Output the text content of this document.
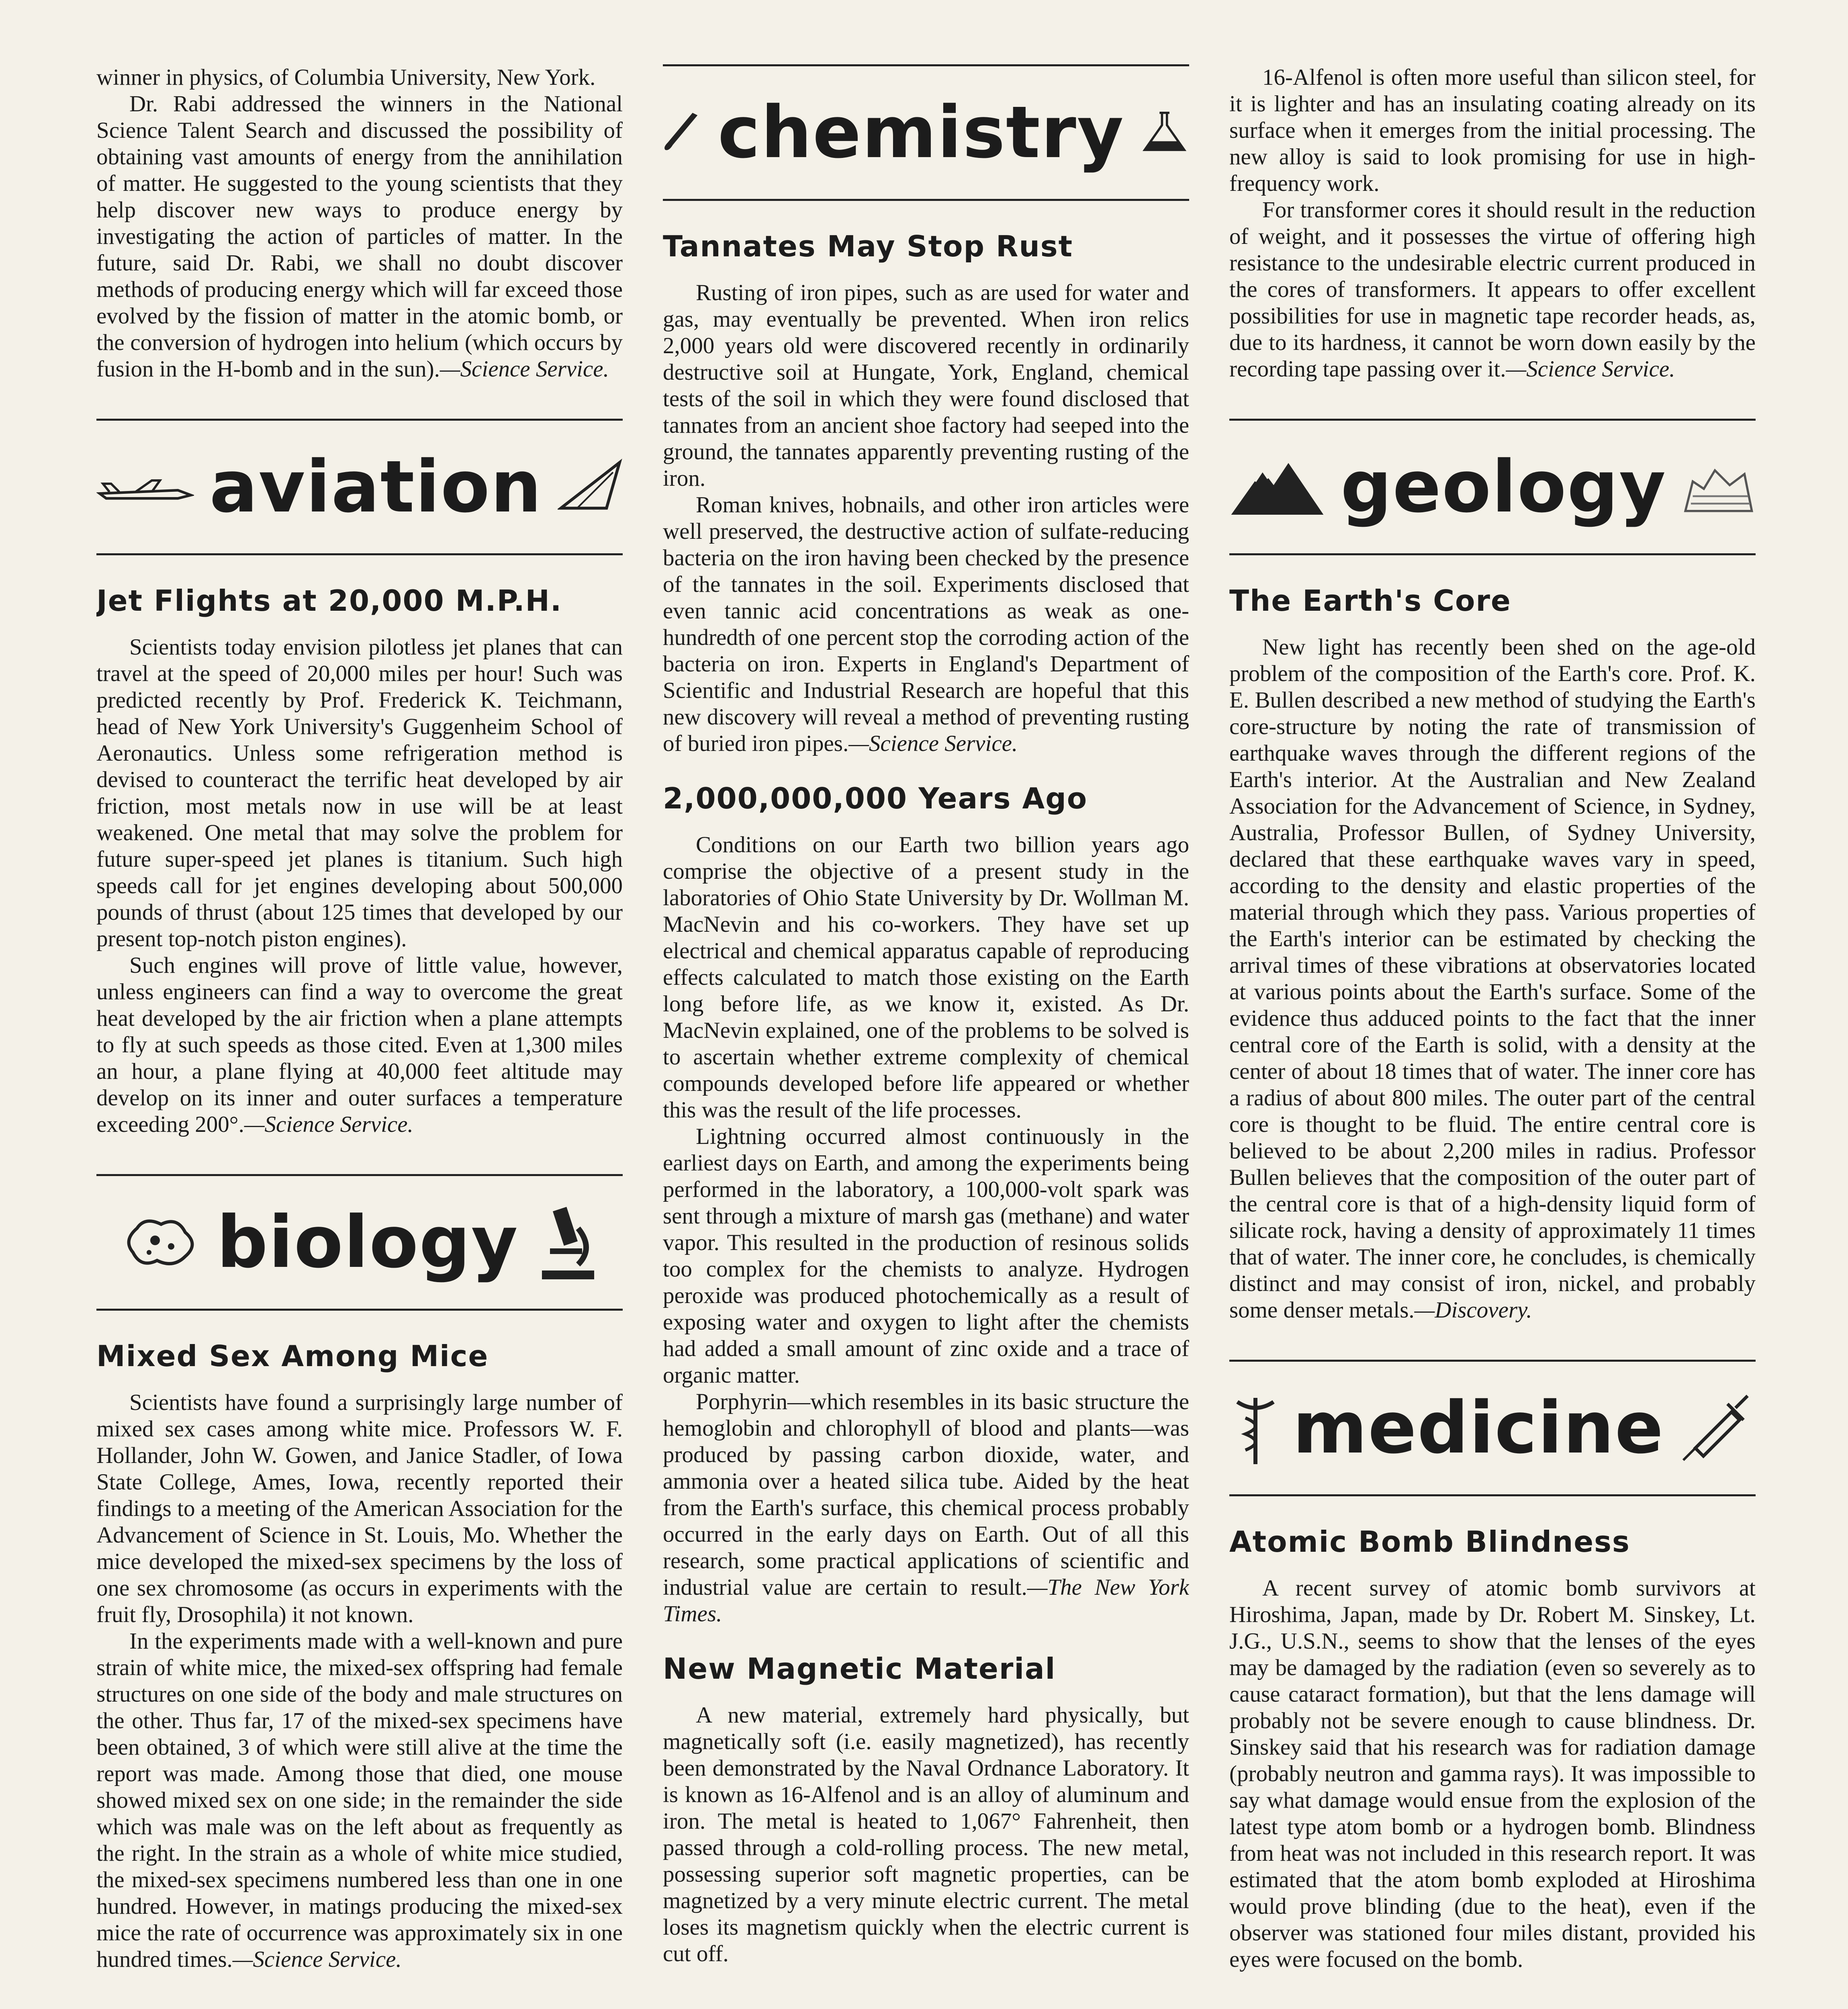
winner in physics, of Columbia University, New York.

Dr. Rabi addressed the winners in the National Science Talent Search and discussed the possibility of obtaining vast amounts of energy from the annihilation of matter. He suggested to the young scientists that they help discover new ways to produce energy by investigating the action of particles of matter. In the future, said Dr. Rabi, we shall no doubt discover methods of producing energy which will far exceed those evolved by the fission of matter in the atomic bomb, or the conversion of hydrogen into helium (which occurs by fusion in the H-bomb and in the sun).—Science Service.

aviation
Jet Flights at 20,000 M.P.H.

Scientists today envision pilotless jet planes that can travel at the speed of 20,000 miles per hour! Such was predicted recently by Prof. Frederick K. Teichmann, head of New York University's Guggenheim School of Aeronautics. Unless some refrigeration method is devised to counteract the terrific heat developed by air friction, most metals now in use will be at least weakened. One metal that may solve the problem for future super-speed jet planes is titanium. Such high speeds call for jet engines developing about 500,000 pounds of thrust (about 125 times that developed by our present top-notch piston engines).

Such engines will prove of little value, however, unless engineers can find a way to overcome the great heat developed by the air friction when a plane attempts to fly at such speeds as those cited. Even at 1,300 miles an hour, a plane flying at 40,000 feet altitude may develop on its inner and outer surfaces a temperature exceeding 200°.—Science Service.

biology
Mixed Sex Among Mice

Scientists have found a surprisingly large number of mixed sex cases among white mice. Professors W. F. Hollander, John W. Gowen, and Janice Stadler, of Iowa State College, Ames, Iowa, recently reported their findings to a meeting of the American Association for the Advancement of Science in St. Louis, Mo. Whether the mice developed the mixed-sex specimens by the loss of one sex chromosome (as occurs in experiments with the fruit fly, Drosophila) it not known.

In the experiments made with a well-known and pure strain of white mice, the mixed-sex offspring had female structures on one side of the body and male structures on the other. Thus far, 17 of the mixed-sex specimens have been obtained, 3 of which were still alive at the time the report was made. Among those that died, one mouse showed mixed sex on one side; in the remainder the side which was male was on the left about as frequently as the right. In the strain as a whole of white mice studied, the mixed-sex specimens numbered less than one in one hundred. However, in matings producing the mixed-sex mice the rate of occurrence was approximately six in one hundred times.—Science Service.

chemistry
Tannates May Stop Rust

Rusting of iron pipes, such as are used for water and gas, may eventually be prevented. When iron relics 2,000 years old were discovered recently in ordinarily destructive soil at Hungate, York, England, chemical tests of the soil in which they were found disclosed that tannates from an ancient shoe factory had seeped into the ground, the tannates apparently preventing rusting of the iron.

Roman knives, hobnails, and other iron articles were well preserved, the destructive action of sulfate-reducing bacteria on the iron having been checked by the presence of the tannates in the soil. Experiments disclosed that even tannic acid concentrations as weak as one-hundredth of one percent stop the corroding action of the bacteria on iron. Experts in England's Department of Scientific and Industrial Research are hopeful that this new discovery will reveal a method of preventing rusting of buried iron pipes.—Science Service.

2,000,000,000 Years Ago

Conditions on our Earth two billion years ago comprise the objective of a present study in the laboratories of Ohio State University by Dr. Wollman M. MacNevin and his co-workers. They have set up electrical and chemical apparatus capable of reproducing effects calculated to match those existing on the Earth long before life, as we know it, existed. As Dr. MacNevin explained, one of the problems to be solved is to ascertain whether extreme complexity of chemical compounds developed before life appeared or whether this was the result of the life processes.

Lightning occurred almost continuously in the earliest days on Earth, and among the experiments being performed in the laboratory, a 100,000-volt spark was sent through a mixture of marsh gas (methane) and water vapor. This resulted in the production of resinous solids too complex for the chemists to analyze. Hydrogen peroxide was produced photochemically as a result of exposing water and oxygen to light after the chemists had added a small amount of zinc oxide and a trace of organic matter.

Porphyrin—which resembles in its basic structure the hemoglobin and chlorophyll of blood and plants—was produced by passing carbon dioxide, water, and ammonia over a heated silica tube. Aided by the heat from the Earth's surface, this chemical process probably occurred in the early days on Earth. Out of all this research, some practical applications of scientific and industrial value are certain to result.—The New York Times.

New Magnetic Material

A new material, extremely hard physically, but magnetically soft (i.e. easily magnetized), has recently been demonstrated by the Naval Ordnance Laboratory. It is known as 16-Alfenol and is an alloy of aluminum and iron. The metal is heated to 1,067° Fahrenheit, then passed through a cold-rolling process. The new metal, possessing superior soft magnetic properties, can be magnetized by a very minute electric current. The metal loses its magnetism quickly when the electric current is cut off.

16-Alfenol is often more useful than silicon steel, for it is lighter and has an insulating coating already on its surface when it emerges from the initial processing. The new alloy is said to look promising for use in high-frequency work.

For transformer cores it should result in the reduction of weight, and it possesses the virtue of offering high resistance to the undesirable electric current produced in the cores of transformers. It appears to offer excellent possibilities for use in magnetic tape recorder heads, as, due to its hardness, it cannot be worn down easily by the recording tape passing over it.—Science Service.

geology
The Earth's Core

New light has recently been shed on the age-old problem of the composition of the Earth's core. Prof. K. E. Bullen described a new method of studying the Earth's core-structure by noting the rate of transmission of earthquake waves through the different regions of the Earth's interior. At the Australian and New Zealand Association for the Advancement of Science, in Sydney, Australia, Professor Bullen, of Sydney University, declared that these earthquake waves vary in speed, according to the density and elastic properties of the material through which they pass. Various properties of the Earth's interior can be estimated by checking the arrival times of these vibrations at observatories located at various points about the Earth's surface. Some of the evidence thus adduced points to the fact that the inner central core of the Earth is solid, with a density at the center of about 18 times that of water. The inner core has a radius of about 800 miles. The outer part of the central core is thought to be fluid. The entire central core is believed to be about 2,200 miles in radius. Professor Bullen believes that the composition of the outer part of the central core is that of a high-density liquid form of silicate rock, having a density of approximately 11 times that of water. The inner core, he concludes, is chemically distinct and may consist of iron, nickel, and probably some denser metals.—Discovery.

medicine
Atomic Bomb Blindness

A recent survey of atomic bomb survivors at Hiroshima, Japan, made by Dr. Robert M. Sinskey, Lt. J.G., U.S.N., seems to show that the lenses of the eyes may be damaged by the radiation (even so severely as to cause cataract formation), but that the lens damage will probably not be severe enough to cause blindness. Dr. Sinskey said that his research was for radiation damage (probably neutron and gamma rays). It was impossible to say what damage would ensue from the explosion of the latest type atom bomb or a hydrogen bomb. Blindness from heat was not included in this research report. It was estimated that the atom bomb exploded at Hiroshima would prove blinding (due to the heat), even if the observer was stationed four miles distant, provided his eyes were focused on the bomb.
